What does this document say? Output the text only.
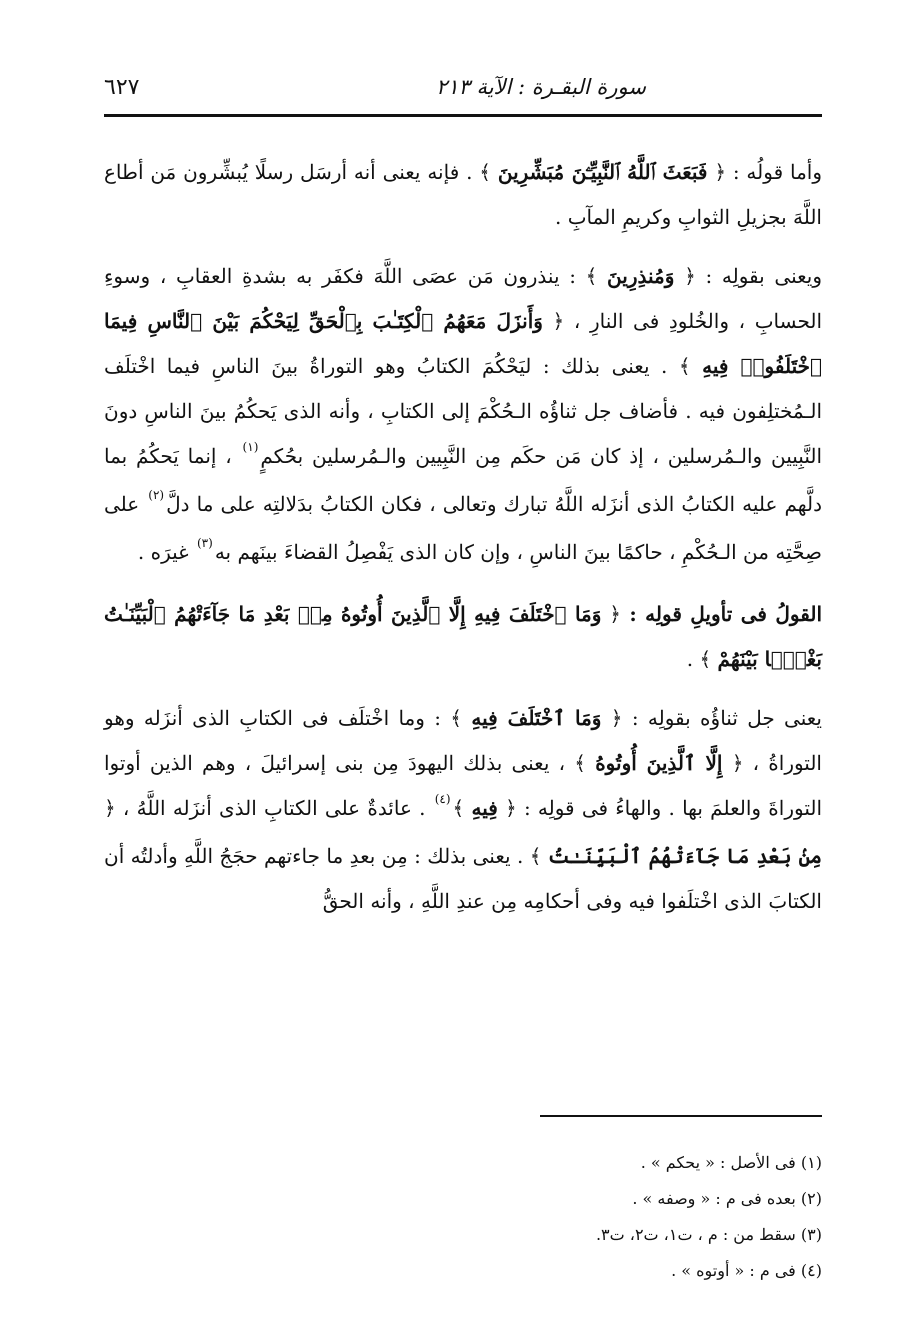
سورة البقـرة : الآية ٢١٣
٦٢٧

وأما قولُه : ﴿ فَبَعَثَ ٱللَّهُ ٱلنَّبِيِّـۧنَ مُبَشِّرِينَ ﴾ . فإنه يعنى أنه أرسَل رسلًا يُبشِّرون مَن أطاع اللَّهَ بجزيلِ الثوابِ وكريمِ المآبِ .

ويعنى بقولِه : ﴿ وَمُنذِرِينَ ﴾ : ينذرون مَن عصَى اللَّهَ فكفَر به بشدةِ العقابِ ، وسوءِ الحسابِ ، والخُلودِ فى النارِ ، ﴿ وَأَنزَلَ مَعَهُمُ ٱلْكِتَـٰبَ بِٱلْحَقِّ لِيَحْكُمَ بَيْنَ ٱلنَّاسِ فِيمَا ٱخْتَلَفُوا۟ فِيهِ ﴾ . يعنى بذلك : ليَحْكُمَ الكتابُ وهو التوراةُ بينَ الناسِ فيما اخْتلَف الـمُختلِفون فيه . فأضاف جل ثناؤُه الـحُكْمَ إلى الكتابِ ، وأنه الذى يَحكُمُ بينَ الناسِ دونَ النَّبِيين والـمُرسلين ، إذ كان مَن حكَم مِن النَّبِيين والـمُرسلين بحُكمٍ$^{(١)}$ ، إنما يَحكُمُ بما دلَّهم عليه الكتابُ الذى أنزَله اللَّهُ تبارك وتعالى ، فكان الكتابُ بدَلالتِه على ما دلَّ$^{(٢)}$ على صِحَّتِه من الـحُكْمِ ، حاكمًا بينَ الناسِ ، وإن كان الذى يَفْصِلُ القضاءَ بينَهم به$^{(٣)}$ غيرَه .

القولُ فى تأويلِ قولِه : ﴿ وَمَا ٱخْتَلَفَ فِيهِ إِلَّا ٱلَّذِينَ أُوتُوهُ مِنۢ بَعْدِ مَا جَآءَتْهُمُ ٱلْبَيِّنَـٰتُ بَغْيًۢا بَيْنَهُمْ ﴾ .

يعنى جل ثناؤُه بقولِه : ﴿ وَمَا ٱخْتَلَفَ فِيهِ ﴾ : وما اخْتلَف فى الكتابِ الذى أنزَله وهو التوراةُ ، ﴿ إِلَّا ٱلَّذِينَ أُوتُوهُ ﴾ ، يعنى بذلك اليهودَ مِن بنى إسرائيلَ ، وهم الذين أوتوا التوراةَ والعلمَ بها . والهاءُ فى قولِه : ﴿ فِيهِ ﴾$^{(٤)}$ . عائدةٌ على الكتابِ الذى أنزَله اللَّهُ ، ﴿ مِنۢ بَعْدِ مَا جَآءَتْهُمُ ٱلْبَيِّنَـٰتُ ﴾ . يعنى بذلك : مِن بعدِ ما جاءتهم حجَجُ اللَّهِ وأدلتُه أن الكتابَ الذى اخْتلَفوا فيه وفى أحكامِه مِن عندِ اللَّهِ ، وأنه الحقُّ

(١) فى الأصل : « يحكم » .
(٢) بعده فى م : « وصفه » .
(٣) سقط من : م ، ت١، ت٢، ت٣.
(٤) فى م : « أوتوه » .
